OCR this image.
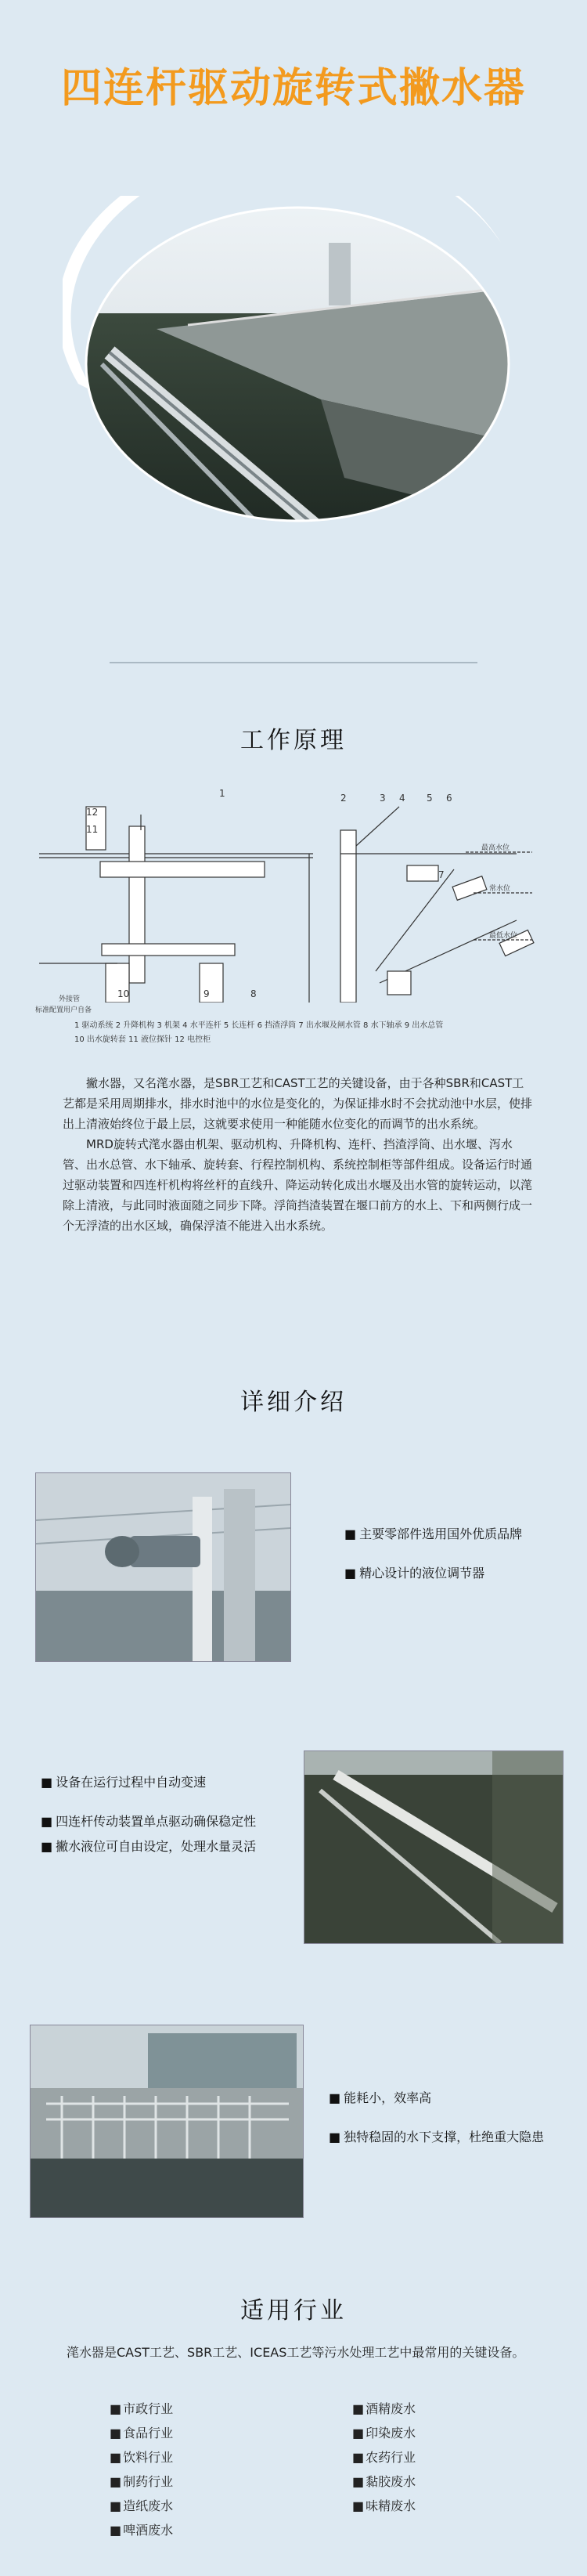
四连杆驱动旋转式撇水器
工作原理
1
12
11
10	9	8
2	3 4 5 6
7
外接管
标准配置用户自备
最高水位
常水位
最低水位
1 驱动系统 2 升降机构 3 机架 4 水平连杆 5 长连杆 6 挡渣浮筒 7 出水堰及闸水管 8 水下轴承 9 出水总管
10 出水旋转套 11 液位探针 12 电控柜

撇水器，又名滗水器，是SBR工艺和CAST工艺的关键设备，由于各种SBR和CAST工艺都是采用周期排水，排水时池中的水位是变化的，为保证排水时不会扰动池中水层，使排出上清液始终位于最上层，这就要求使用一种能随水位变化的而调节的出水系统。

MRD旋转式滗水器由机架、驱动机构、升降机构、连杆、挡渣浮筒、出水堰、泻水管、出水总管、水下轴承、旋转套、行程控制机构、系统控制柜等部件组成。设备运行时通过驱动装置和四连杆机构将丝杆的直线升、降运动转化成出水堰及出水管的旋转运动，以滗除上清液，与此同时液面随之同步下降。浮筒挡渣装置在堰口前方的水上、下和两侧行成一个无浮渣的出水区域，确保浮渣不能进入出水系统。

详细介绍
■ 主要零部件选用国外优质品牌
■ 精心设计的液位调节器
■ 设备在运行过程中自动变速
■ 四连杆传动装置单点驱动确保稳定性
■ 撇水液位可自由设定，处理水量灵活
■ 能耗小，效率高
■ 独特稳固的水下支撑，杜绝重大隐患
适用行业
滗水器是CAST工艺、SBR工艺、ICEAS工艺等污水处理工艺中最常用的关键设备。
■ 市政行业
■ 食品行业
■ 饮料行业
■ 制药行业
■ 造纸废水
■ 啤酒废水
■ 酒精废水
■ 印染废水
■ 农药行业
■ 黏胶废水
■ 味精废水
